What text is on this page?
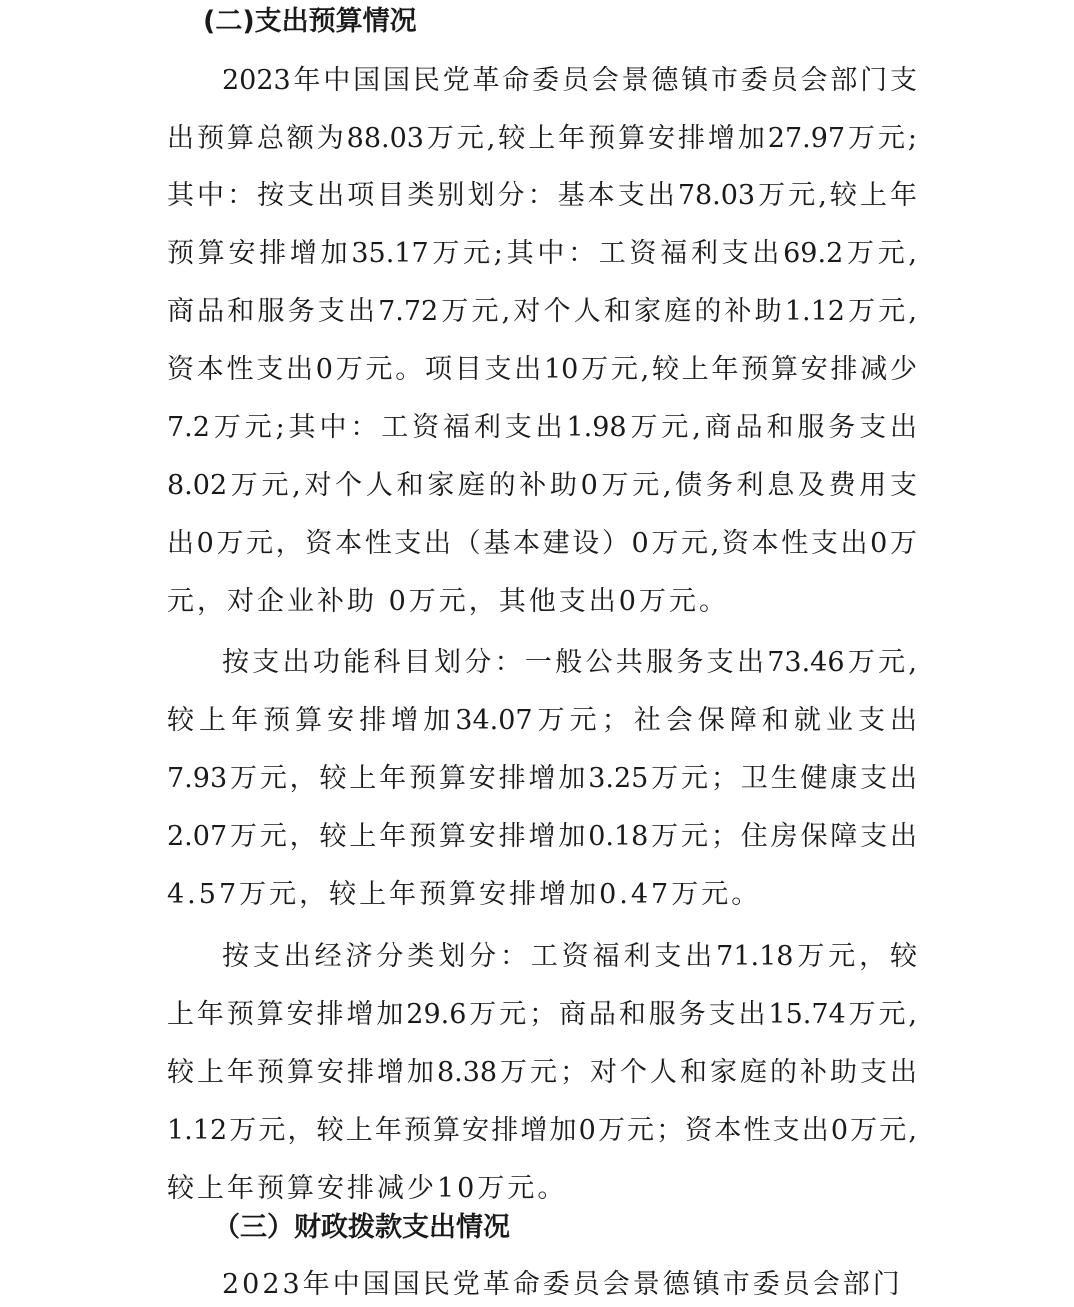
(二)支出预算情况
2023年中国国民党革命委员会景德镇市委员会部门支
出预算总额为88.03万元,较上年预算安排增加27.97万元;
其中：按支出项目类别划分：基本支出78.03万元,较上年
预算安排增加35.17万元;其中：工资福利支出69.2万元,
商品和服务支出7.72万元,对个人和家庭的补助1.12万元,
资本性支出0万元。项目支出10万元,较上年预算安排减少
7.2万元;其中：工资福利支出1.98万元,商品和服务支出
8.02万元,对个人和家庭的补助0万元,债务利息及费用支
出0万元，资本性支出（基本建设）0万元,资本性支出0万
元，对企业补助 0万元，其他支出0万元。
按支出功能科目划分：一般公共服务支出73.46万元,
较上年预算安排增加34.07万元；社会保障和就业支出
7.93万元，较上年预算安排增加3.25万元；卫生健康支出
2.07万元，较上年预算安排增加0.18万元；住房保障支出
4.57万元，较上年预算安排增加0.47万元。
按支出经济分类划分：工资福利支出71.18万元，较
上年预算安排增加29.6万元；商品和服务支出15.74万元,
较上年预算安排增加8.38万元；对个人和家庭的补助支出
1.12万元，较上年预算安排增加0万元；资本性支出0万元,
较上年预算安排减少10万元。
（三）财政拨款支出情况
2023年中国国民党革命委员会景德镇市委员会部门
